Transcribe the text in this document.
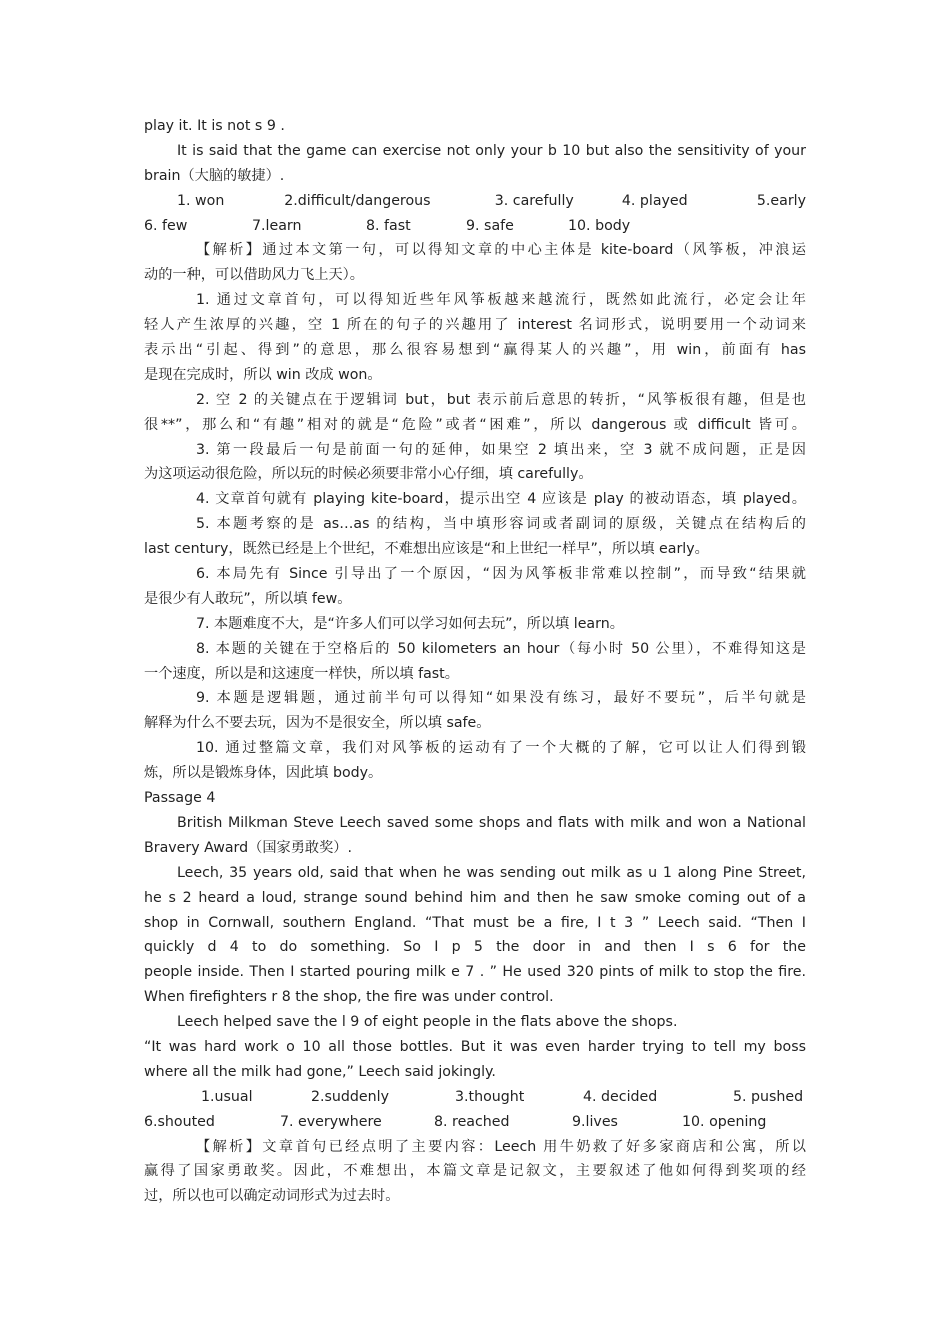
play it. It is not s 9 .
It is said that the game can exercise not only your b 10 but also the sensitivity of your
brain（大脑的敏捷）.
1. won	2.difficult/dangerous	3. carefully	4. played	5.early
6. few	7.learn	8. fast	9. safe	10. body
【解析】通过本文第一句，可以得知文章的中心主体是 kite-board（风筝板，冲浪运
动的一种，可以借助风力飞上天）。
1. 通过文章首句，可以得知近些年风筝板越来越流行，既然如此流行，必定会让年
轻人产生浓厚的兴趣，空 1 所在的句子的兴趣用了 interest 名词形式，说明要用一个动词来
表示出“引起、得到”的意思，那么很容易想到“赢得某人的兴趣”，用 win，前面有 has
是现在完成时，所以 win 改成 won。
2. 空 2 的关键点在于逻辑词 but，but 表示前后意思的转折，“风筝板很有趣，但是也
很**”，那么和“有趣”相对的就是“危险”或者“困难”，所以 dangerous 或 difficult 皆可。
3. 第一段最后一句是前面一句的延伸，如果空 2 填出来，空 3 就不成问题，正是因
为这项运动很危险，所以玩的时候必须要非常小心仔细，填 carefully。
4. 文章首句就有 playing kite-board，提示出空 4 应该是 play 的被动语态，填 played。
5. 本题考察的是 as…as 的结构，当中填形容词或者副词的原级，关键点在结构后的
last century，既然已经是上个世纪，不难想出应该是“和上世纪一样早”，所以填 early。
6. 本局先有 Since 引导出了一个原因，“因为风筝板非常难以控制”，而导致“结果就
是很少有人敢玩”，所以填 few。
7. 本题难度不大，是“许多人们可以学习如何去玩”，所以填 learn。
8. 本题的关键在于空格后的 50 kilometers an hour（每小时 50 公里），不难得知这是
一个速度，所以是和这速度一样快，所以填 fast。
9. 本题是逻辑题，通过前半句可以得知“如果没有练习，最好不要玩”，后半句就是
解释为什么不要去玩，因为不是很安全，所以填 safe。
10. 通过整篇文章，我们对风筝板的运动有了一个大概的了解，它可以让人们得到锻
炼，所以是锻炼身体，因此填 body。
Passage 4
British Milkman Steve Leech saved some shops and flats with milk and won a National
Bravery Award（国家勇敢奖）.
Leech, 35 years old, said that when he was sending out milk as u 1 along Pine Street,
he s 2 heard a loud, strange sound behind him and then he saw smoke coming out of a
shop in Cornwall, southern England. “That must be a fire, I t 3 ” Leech said. “Then I
quickly d 4 to do something. So I p 5 the door in and then I s 6 for the
people inside. Then I started pouring milk e 7 . ” He used 320 pints of milk to stop the fire.
When firefighters r 8 the shop, the fire was under control.
Leech helped save the l 9 of eight people in the flats above the shops.
“It was hard work o 10 all those bottles. But it was even harder trying to tell my boss
where all the milk had gone,” Leech said jokingly.
1.usual	2.suddenly	3.thought	4. decided	5. pushed
6.shouted	7. everywhere	8. reached	9.lives	10. opening
【解析】文章首句已经点明了主要内容：Leech 用牛奶救了好多家商店和公寓，所以
赢得了国家勇敢奖。因此，不难想出，本篇文章是记叙文，主要叙述了他如何得到奖项的经
过，所以也可以确定动词形式为过去时。
